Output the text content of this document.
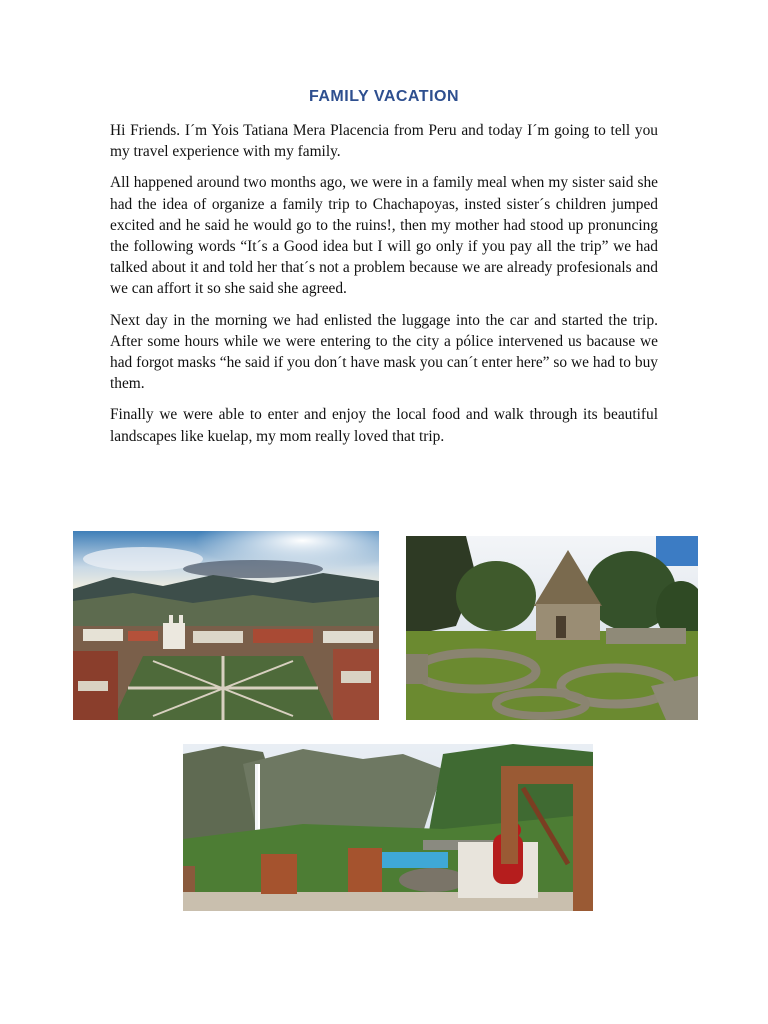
FAMILY VACATION

Hi Friends. I´m Yois Tatiana Mera Placencia from Peru and today I´m going to tell you my travel experience with my family.

All happened around two months ago, we were in a family meal when my sister said she had the idea of organize a family trip to Chachapoyas, insted sister´s children jumped excited and he said he would go to the ruins!, then my mother had stood up pronuncing the following words “It´s a Good idea but I will go only if you pay all the trip” we had talked about it and told her that´s not a problem because we are already profesionals and we can affort it so she said she agreed.

Next day in the morning we had enlisted the luggage into the car and started the trip. After some hours while we were entering to the city a pólice intervened us bacause we had forgot masks “he said if you don´t have mask you can´t enter here” so we had to buy them.

Finally we were able to enter and enjoy the local food and walk through its beautiful landscapes like kuelap, my mom really loved that trip.
